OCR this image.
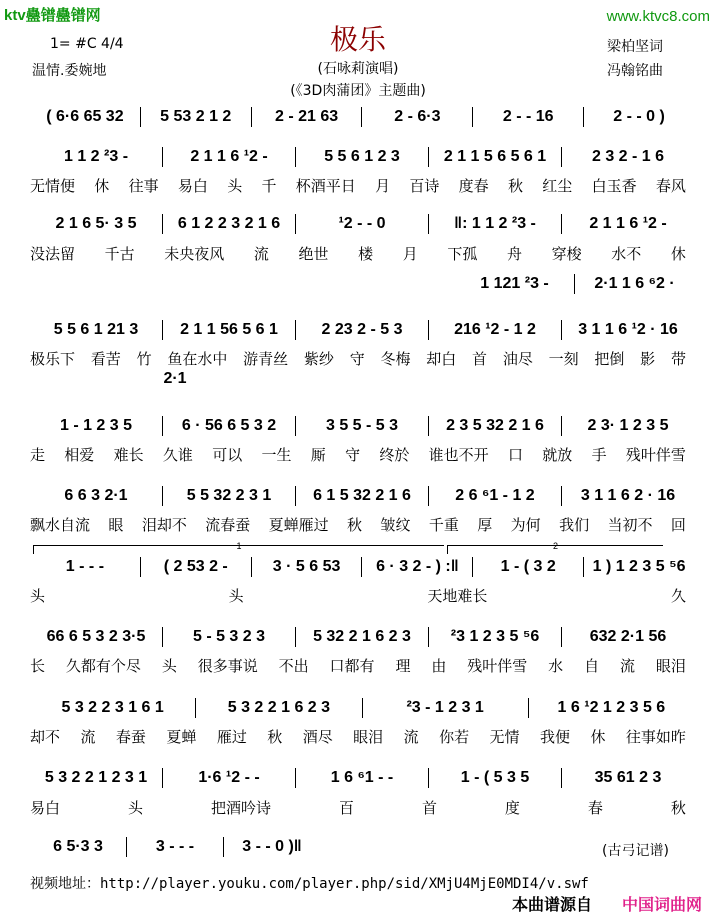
ktv蠱镨蠱镨网	www.ktvc8.com
极乐
1= #C 4/4
温情.委婉地	(石咏莉演唱)
(《3D肉蒲团》主题曲)
梁柏坚词
冯翰铭曲
( 6·6 65 32	5 53 2 1 2	2 - 21 63	2 - 6·3	2 - - 16	2 - - 0 )
1 1 2 ²3 -	2 1 1 6 ¹2 -	5 5 6 1 2 3	2 1 1 5 6 5 6 1	2 3 2 - 1 6
无情便 休 往事 易白 头 千 杯酒平日 月 百诗 度春 秋 红尘 白玉香 春风
2 1 6 5· 3 5	6 1 2 2 3 2 1 6	¹2 - - 0	‖: 1 1 2 ²3 -	2 1 1 6 ¹2 -
没法留 千古 未央夜风 流 绝世 楼 月 下孤 舟 穿梭 水不 休
1 121 ²3 -	2·1 1 6 ⁶2 ·
5 5 6 1 21 3	2 1 1 56 5 6 1	2 23 2 - 5 3	216 ¹2 - 1 2	3 1 1 6 ¹2 · 16
极乐下 看苦 竹 鱼在水中 游青丝 紫纱 守 冬梅 却白 首 油尽 一刻 把倒 影 带
2·1
1 - 1 2 3 5	6 · 56 6 5 3 2	3 5 5 - 5 3	2 3 5 32 2 1 6	2 3· 1 2 3 5
走 相爱 难长 久谁 可以 一生 厮 守 终於 谁也不开 口 就放 手 残叶伴雪
6 6 3 2·1	5 5 32 2 3 1	6 1 5 32 2 1 6	2 6 ⁶1 - 1 2	3 1 1 6 2 · 16
飘水自流 眼 泪却不 流春蚕 夏蝉雁过 秋 皱纹 千重 厚 为何 我们 当初不 回
1 - - -	( 2 53 2 -	3 · 5 6 53	6 · 3 2 - ) :‖	1 - ( 3 2	1 ) 1 2 3 5 ⁵6
头	头	天地难长	久
66 6 5 3 2 3·5	5 - 5 3 2 3	5 32 2 1 6 2 3	²3 1 2 3 5 ⁵6	632 2·1 56
长 久都有个尽 头 很多事说 不出 口都有 理 由 残叶伴雪 水 自 流 眼泪
5 3 2 2 3 1 6 1	5 3 2 2 1 6 2 3	²3 - 1 2 3 1	1 6 ¹2 1 2 3 5 6
却不 流 春蚕 夏蝉 雁过 秋 酒尽 眼泪 流 你若 无情 我便 休 往事如昨
5 3 2 2 1 2 3 1	1·6 ¹2 - -	1 6 ⁶1 - -	1 - ( 5 3 5	35 61 2 3
易白	头	把酒吟诗	百	首	度	春	秋
6 5·3 3	3 - - -	3 - - 0 )‖
1	2
(古弓记谱)
视频地址：http://player.youku.com/player.php/sid/XMjU4MjE0MDI4/v.swf
本曲谱源自 中国词曲网
